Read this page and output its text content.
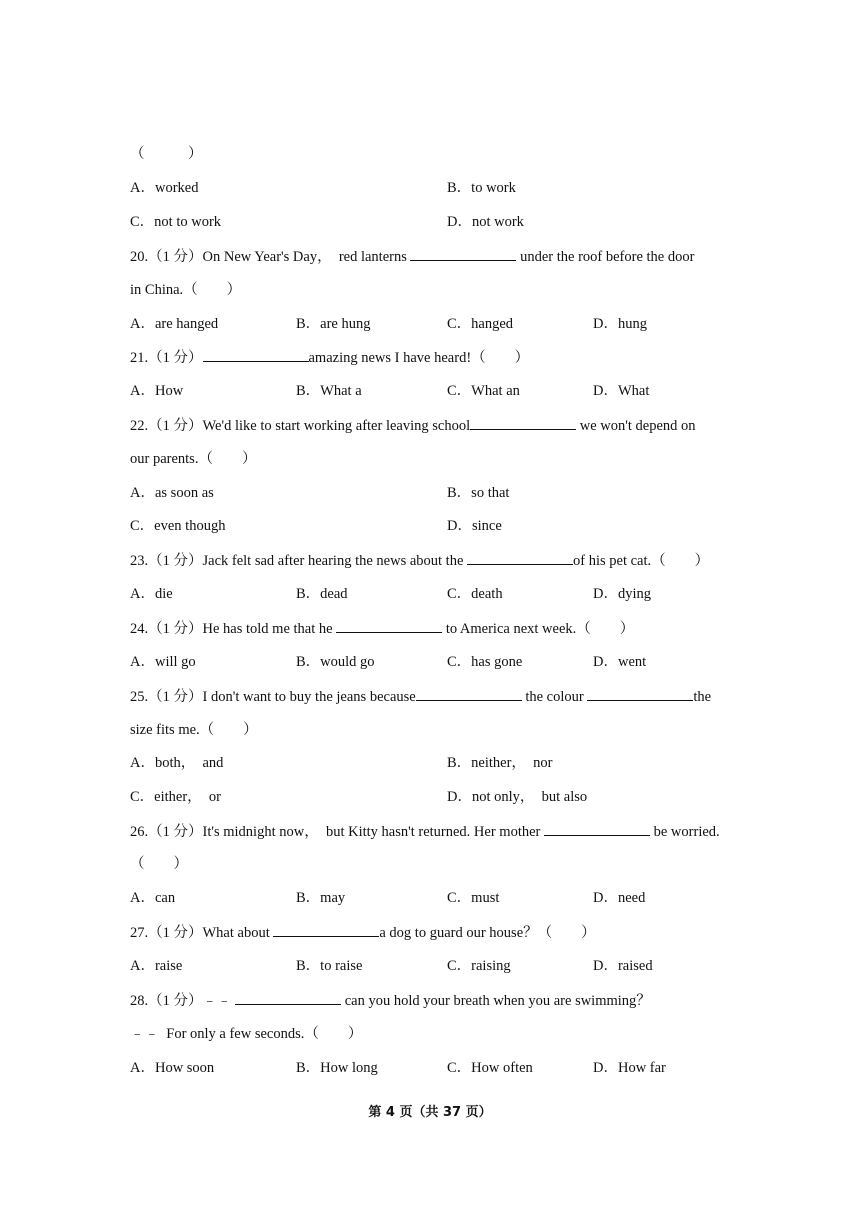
（　　　）
A．worked	B．to work
C．not to work	D．not work
20.（1 分）On New Year's Day，  red lanterns	under the roof before the door
in China.（　　）
A．are hanged	B．are hung	C．hanged	D．hung
21.（1 分）	amazing news I have heard!（　　）
A．How	B．What a	C．What an	D．What
22.（1 分）We'd like to start working after leaving school	we won't depend on
our parents.（　　）
A．as soon as	B．so that
C．even though	D．since
23.（1 分）Jack felt sad after hearing the news about the	of his pet cat.（　　）
A．die	B．dead	C．death	D．dying
24.（1 分）He has told me that he	to America next week.（　　）
A．will go	B．would go	C．has gone	D．went
25.（1 分）I don't want to buy the jeans because	the colour	the
size fits me.（　　）
A．both，  and	B．neither，  nor
C．either，  or	D．not only，  but also
26.（1 分）It's midnight now，  but Kitty hasn't returned. Her mother	be worried.
（　　）
A．can	B．may	C．must	D．need
27.（1 分）What about	a dog to guard our house？（　　）
A．raise	B．to raise	C．raising	D．raised
28.（1 分）﹣﹣	can you hold your breath when you are swimming？
﹣﹣  For only a few seconds.（　　）
A．How soon	B．How long	C．How often	D．How far
第 4 页（共 37 页）
